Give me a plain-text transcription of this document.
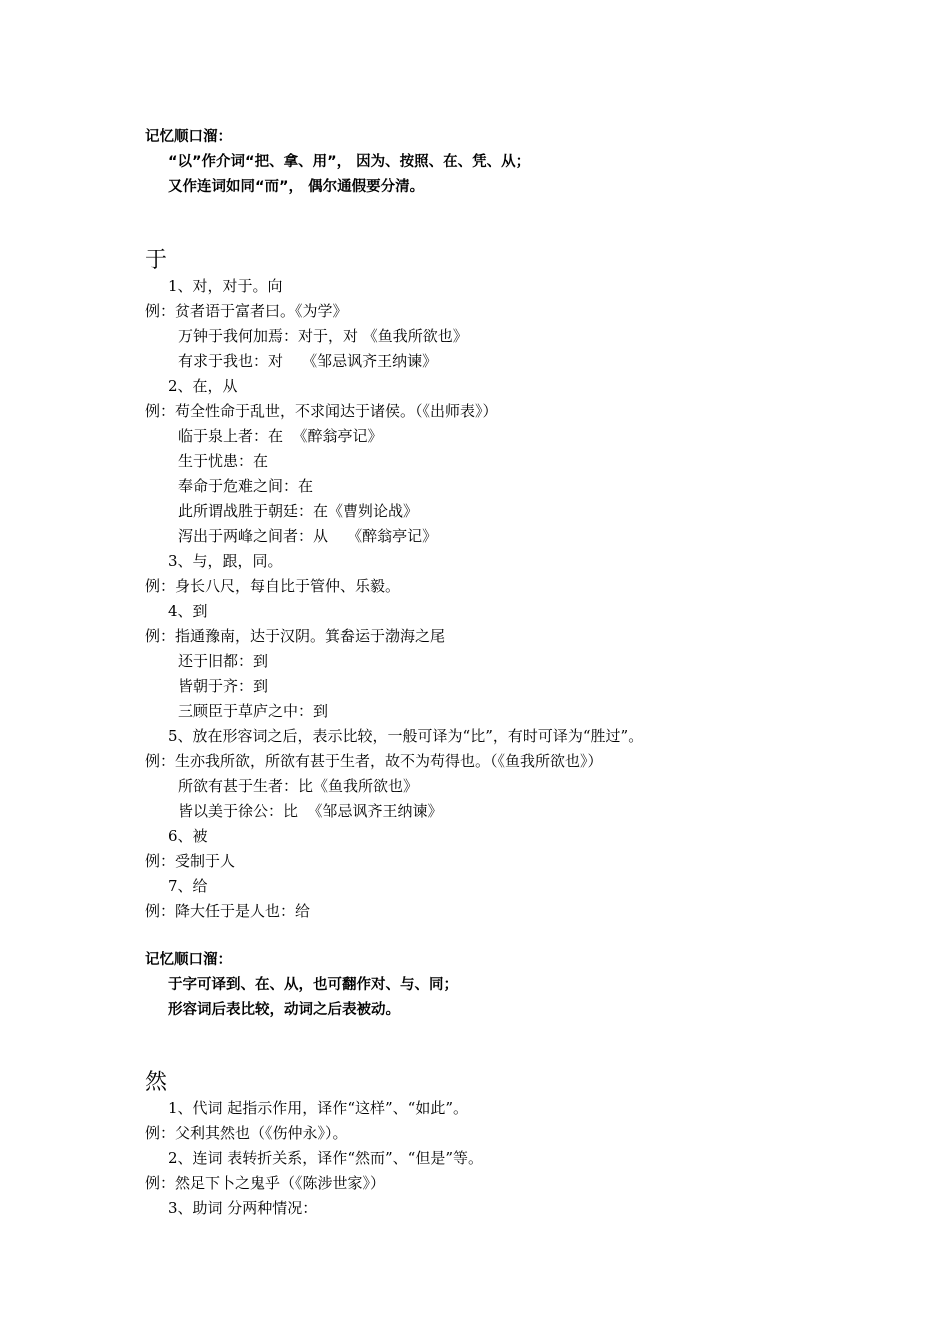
记忆顺口溜：
“以”作介词“把、拿、用”， 因为、按照、在、凭、从；
又作连词如同“而”， 偶尔通假要分清。
于
1、对，对于。向
例：贫者语于富者曰。《为学》
万钟于我何加焉：对于，对 《鱼我所欲也》
有求于我也：对    《邹忌讽齐王纳谏》
2、在，从
例：苟全性命于乱世，不求闻达于诸侯。（《出师表》）
临于泉上者：在  《醉翁亭记》
生于忧患：在
奉命于危难之间：在
此所谓战胜于朝廷：在《曹刿论战》
泻出于两峰之间者：从    《醉翁亭记》
3、与，跟，同。
例：身长八尺，每自比于管仲、乐毅。
4、到
例：指通豫南，达于汉阴。箕畚运于渤海之尾
还于旧都：到
皆朝于齐：到
三顾臣于草庐之中：到
5、放在形容词之后，表示比较，一般可译为“比”，有时可译为“胜过”。
例：生亦我所欲，所欲有甚于生者，故不为苟得也。（《鱼我所欲也》）
所欲有甚于生者：比《鱼我所欲也》
皆以美于徐公：比  《邹忌讽齐王纳谏》
6、被
例：受制于人
7、给
例：降大任于是人也：给
记忆顺口溜：
于字可译到、在、从，也可翻作对、与、同；
形容词后表比较，动词之后表被动。
然
1、代词 起指示作用，译作“这样”、“如此”。
例：父利其然也（《伤仲永》）。
2、连词 表转折关系，译作“然而”、“但是”等。
例：然足下卜之鬼乎（《陈涉世家》）
3、助词 分两种情况：
